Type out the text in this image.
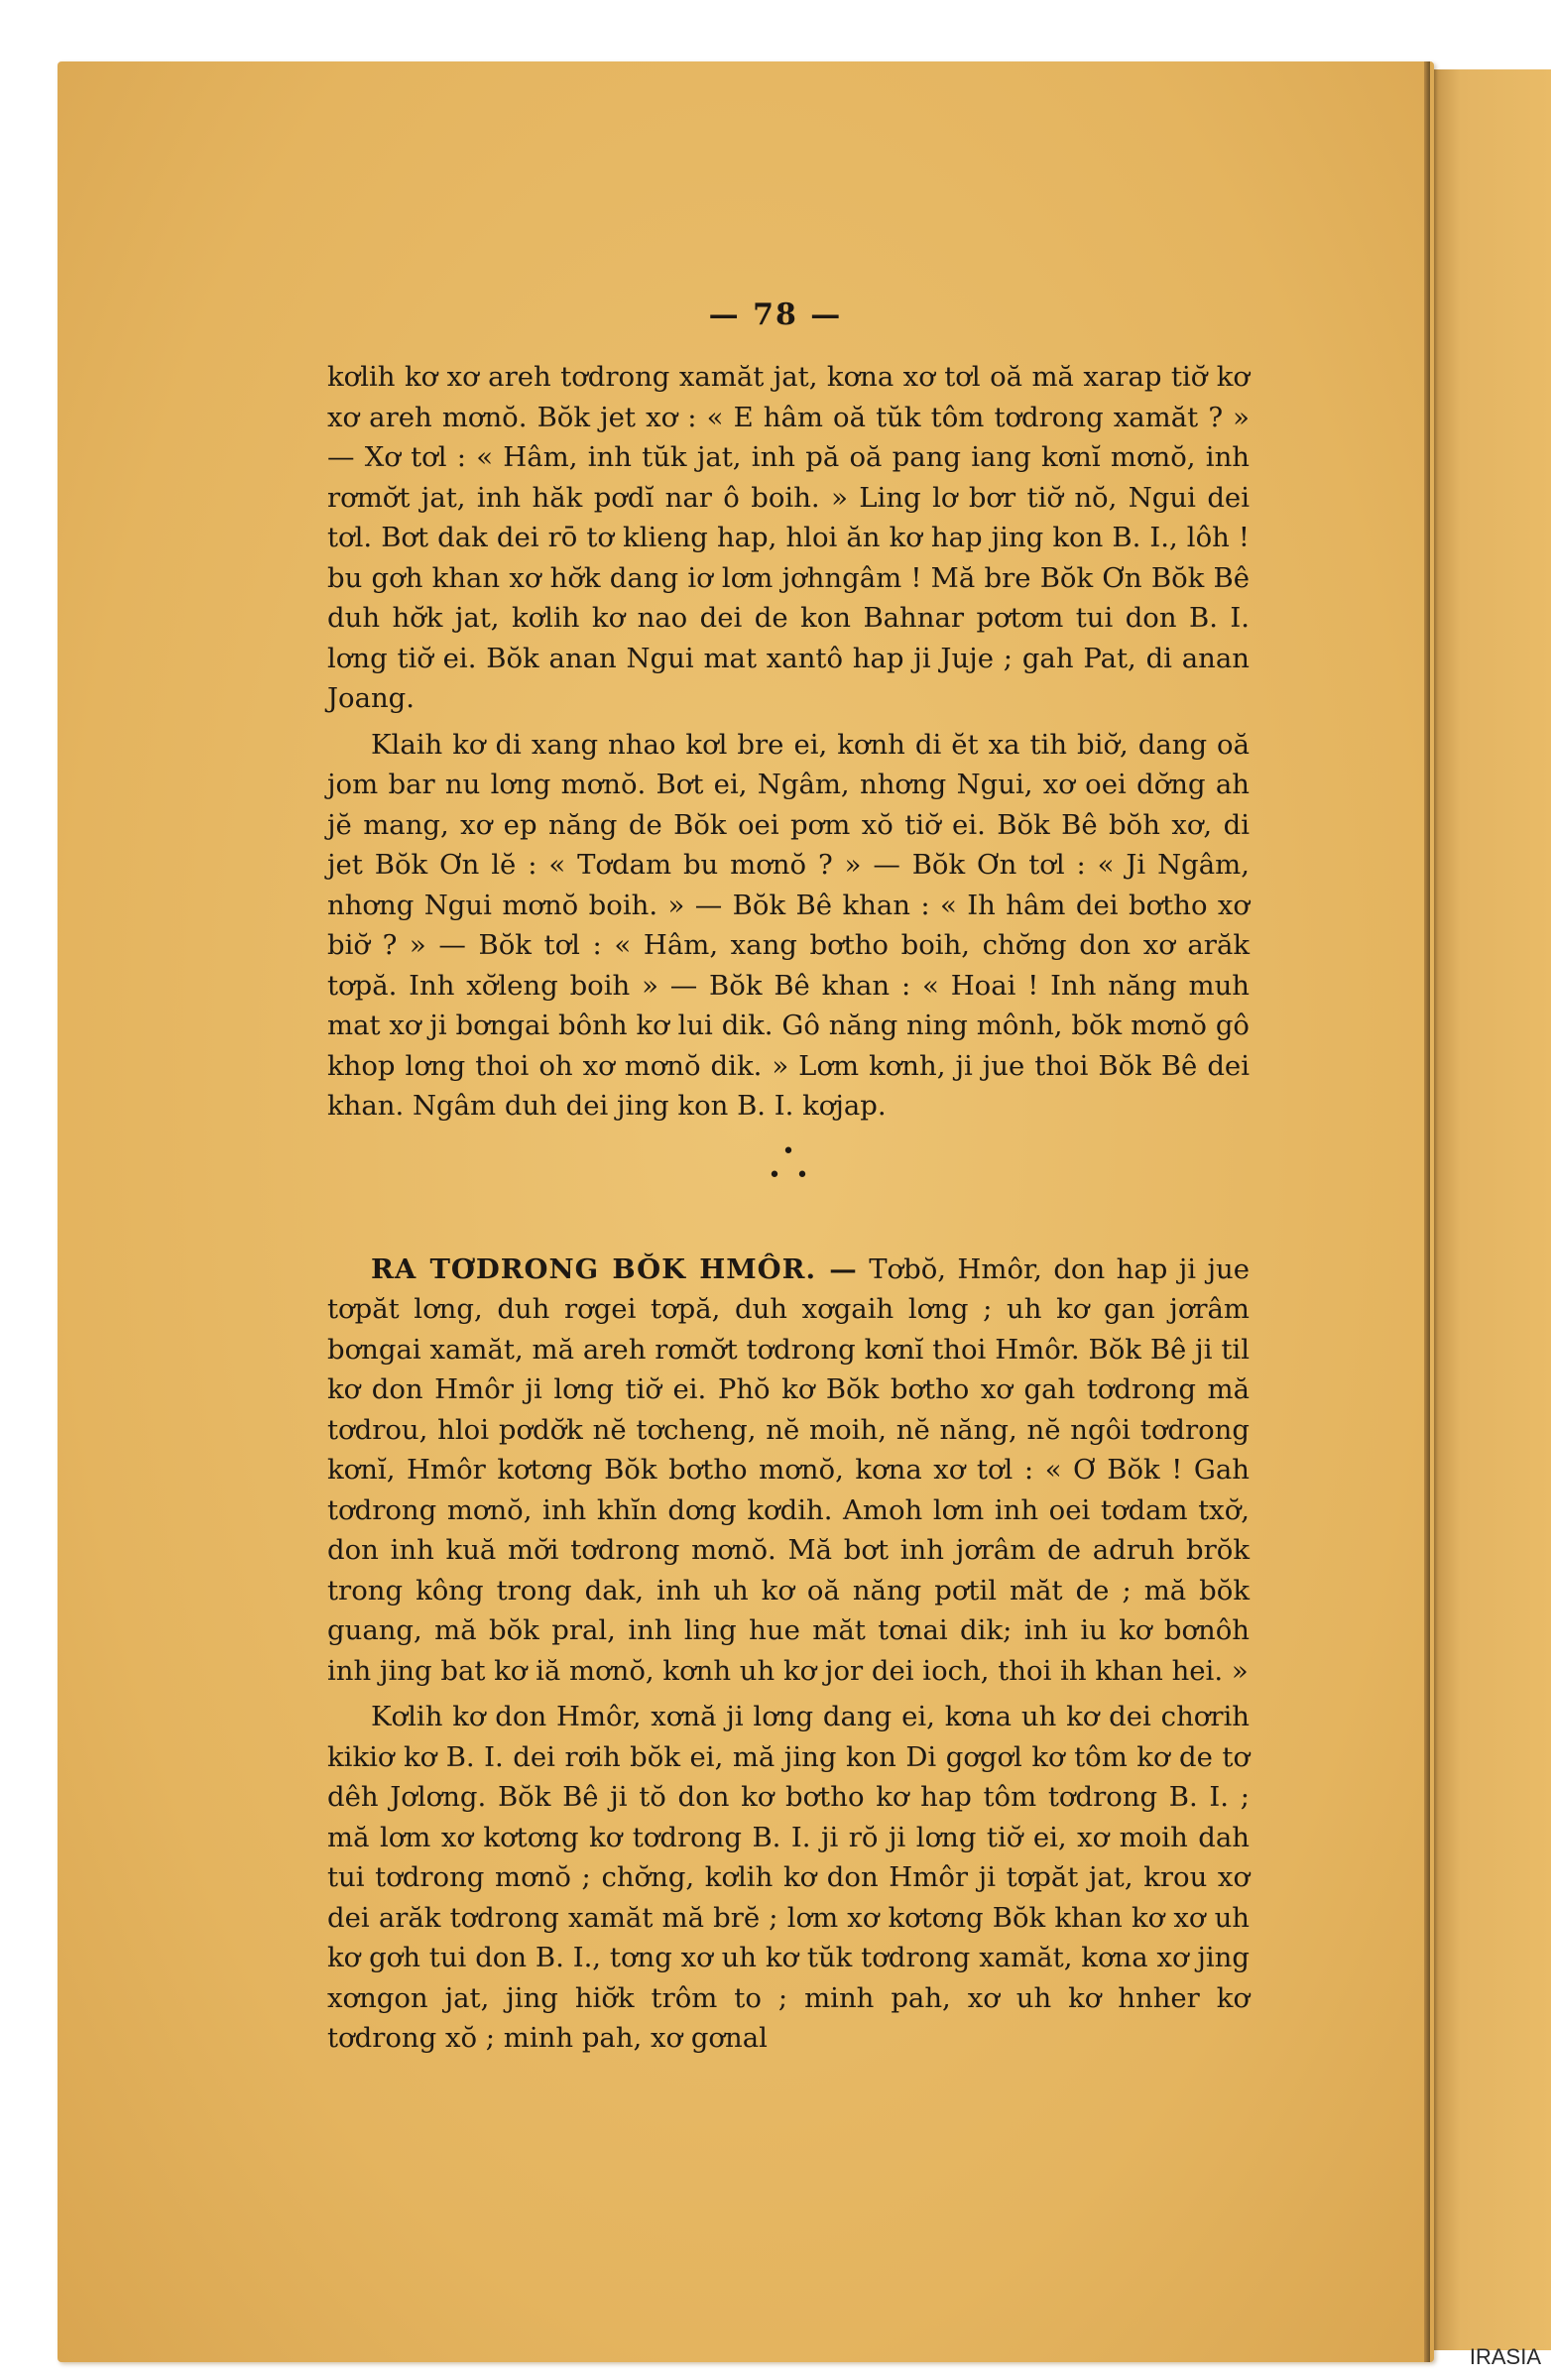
— 78 —

kơlih kơ xơ areh tơdrong xamăt jat, kơna xơ tơl oă mă xarap tiơ̆ kơ xơ areh mơnŏ. Bŏk jet xơ : « E hâm oă tŭk tôm tơdrong xamăt ? » — Xơ tơl : « Hâm, inh tŭk jat, inh pă oă pang iang kơnĭ mơnŏ, inh rơmơ̆t jat, inh hăk pơdĭ nar ô boih. » Ling lơ bơr tiơ̆ nŏ, Ngui dei tơl. Bơt dak dei rō tơ klieng hap, hloi ăn kơ hap jing kon B. I., lôh ! bu gơh khan xơ hơ̆k dang iơ lơm jơhngâm ! Mă bre Bŏk Ơn Bŏk Bê duh hơ̆k jat, kơlih kơ nao dei de kon Bahnar pơtơm tui don B. I. lơng tiơ̆ ei. Bŏk anan Ngui mat xantô hap ji Juje ; gah Pat, di anan Joang.

Klaih kơ di xang nhao kơl bre ei, kơnh di ĕt xa tih biơ̆, dang oă jom bar nu lơng mơnŏ. Bơt ei, Ngâm, nhơng Ngui, xơ oei dơ̆ng ah jĕ mang, xơ ep năng de Bŏk oei pơm xŏ tiơ̆ ei. Bŏk Bê bŏh xơ, di jet Bŏk Ơn lĕ : « Tơdam bu mơnŏ ? » — Bŏk Ơn tơl : « Ji Ngâm, nhơng Ngui mơnŏ boih. » — Bŏk Bê khan : « Ih hâm dei bơtho xơ biơ̆ ? » — Bŏk tơl : « Hâm, xang bơtho boih, chơ̆ng don xơ arăk tơpă. Inh xơ̆leng boih » — Bŏk Bê khan : « Hoai ! Inh năng muh mat xơ ji bơngai bônh kơ lui dik. Gô năng ning mônh, bŏk mơnŏ gô khop lơng thoi oh xơ mơnŏ dik. » Lơm kơnh, ji jue thoi Bŏk Bê dei khan. Ngâm duh dei jing kon B. I. kơjap.

•
• •

RA TƠDRONG BŎK HMÔR. — Tơbŏ, Hmôr, don hap ji jue tơpăt lơng, duh rơgei tơpă, duh xơgaih lơng ; uh kơ gan jơrâm bơngai xamăt, mă areh rơmơ̆t tơdrong kơnĭ thoi Hmôr. Bŏk Bê ji til kơ don Hmôr ji lơng tiơ̆ ei. Phŏ kơ Bŏk bơtho xơ gah tơdrong mă tơdrou, hloi pơdơ̆k nĕ tơcheng, nĕ moih, nĕ năng, nĕ ngôi tơdrong kơnĭ, Hmôr kơtơng Bŏk bơtho mơnŏ, kơna xơ tơl : « Ơ Bŏk ! Gah tơdrong mơnŏ, inh khĭn dơng kơdih. Amoh lơm inh oei tơdam txơ̆, don inh kuă mơ̆i tơdrong mơnŏ. Mă bơt inh jơrâm de adruh brŏk trong kông trong dak, inh uh kơ oă năng pơtil măt de ; mă bŏk guang, mă bŏk pral, inh ling hue măt tơnai dik; inh iu kơ bơnôh inh jing bat kơ iă mơnŏ, kơnh uh kơ jor dei ioch, thoi ih khan hei. »

Kơlih kơ don Hmôr, xơnă ji lơng dang ei, kơna uh kơ dei chơrih kikiơ kơ B. I. dei rơih bŏk ei, mă jing kon Di gơgơl kơ tôm kơ de tơ dêh Jơlơng. Bŏk Bê ji tŏ don kơ bơtho kơ hap tôm tơdrong B. I. ; mă lơm xơ kơtơng kơ tơdrong B. I. ji rŏ ji lơng tiơ̆ ei, xơ moih dah tui tơdrong mơnŏ ; chơ̆ng, kơlih kơ don Hmôr ji tơpăt jat, krou xơ dei arăk tơdrong xamăt mă brĕ ; lơm xơ kơtơng Bŏk khan kơ xơ uh kơ gơh tui don B. I., tơng xơ uh kơ tŭk tơdrong xamăt, kơna xơ jing xơngon jat, jing hiơ̆k trôm to ; minh pah, xơ uh kơ hnher kơ tơdrong xŏ ; minh pah, xơ gơnal

IRASIA
